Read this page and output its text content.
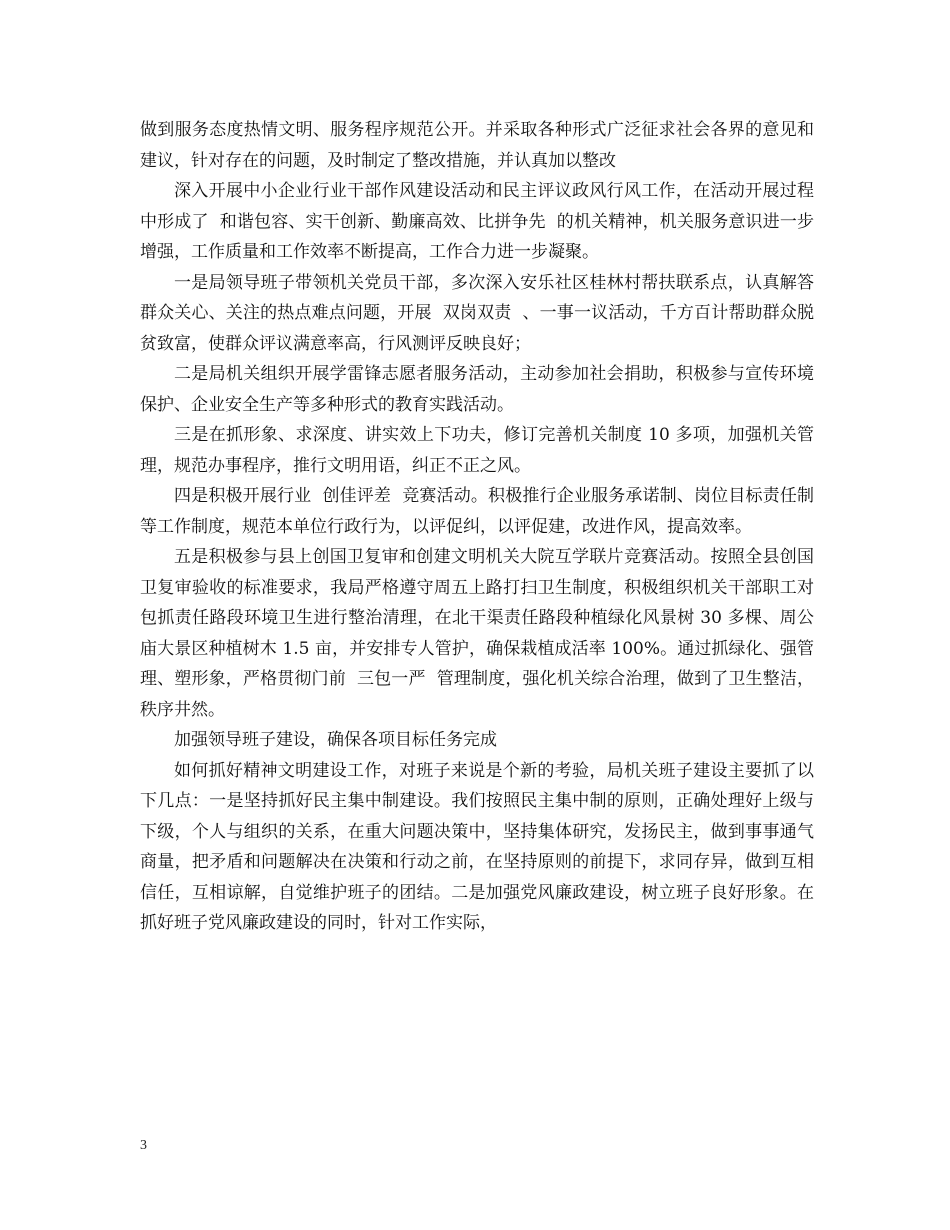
做到服务态度热情文明、服务程序规范公开。并采取各种形式广泛征求社会各界的意见和建议，针对存在的问题，及时制定了整改措施，并认真加以整改

深入开展中小企业行业干部作风建设活动和民主评议政风行风工作，在活动开展过程中形成了  和谐包容、实干创新、勤廉高效、比拼争先  的机关精神，机关服务意识进一步增强，工作质量和工作效率不断提高，工作合力进一步凝聚。

一是局领导班子带领机关党员干部，多次深入安乐社区桂林村帮扶联系点，认真解答群众关心、关注的热点难点问题，开展  双岗双责  、一事一议活动，千方百计帮助群众脱贫致富，使群众评议满意率高，行风测评反映良好；

二是局机关组织开展学雷锋志愿者服务活动，主动参加社会捐助，积极参与宣传环境保护、企业安全生产等多种形式的教育实践活动。

三是在抓形象、求深度、讲实效上下功夫，修订完善机关制度 10 多项，加强机关管理，规范办事程序，推行文明用语，纠正不正之风。

四是积极开展行业  创佳评差  竞赛活动。积极推行企业服务承诺制、岗位目标责任制等工作制度，规范本单位行政行为，以评促纠，以评促建，改进作风，提高效率。

五是积极参与县上创国卫复审和创建文明机关大院互学联片竞赛活动。按照全县创国卫复审验收的标准要求，我局严格遵守周五上路打扫卫生制度，积极组织机关干部职工对包抓责任路段环境卫生进行整治清理，在北干渠责任路段种植绿化风景树 30 多棵、周公庙大景区种植树木 1.5 亩，并安排专人管护，确保栽植成活率 100%。通过抓绿化、强管理、塑形象，严格贯彻门前  三包一严  管理制度，强化机关综合治理，做到了卫生整洁，秩序井然。

加强领导班子建设，确保各项目标任务完成

如何抓好精神文明建设工作，对班子来说是个新的考验，局机关班子建设主要抓了以下几点：一是坚持抓好民主集中制建设。我们按照民主集中制的原则，正确处理好上级与下级，个人与组织的关系，在重大问题决策中，坚持集体研究，发扬民主，做到事事通气商量，把矛盾和问题解决在决策和行动之前，在坚持原则的前提下，求同存异，做到互相信任，互相谅解，自觉维护班子的团结。二是加强党风廉政建设，树立班子良好形象。在抓好班子党风廉政建设的同时，针对工作实际，

3
